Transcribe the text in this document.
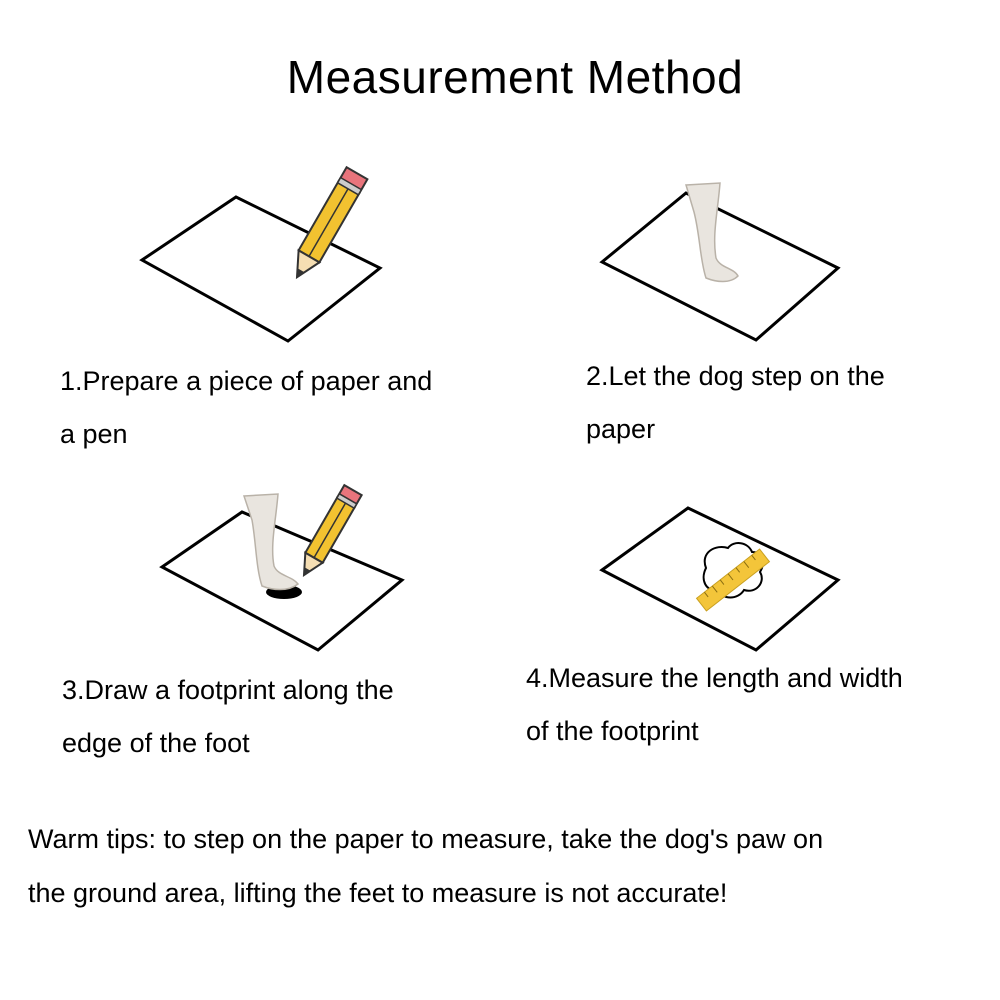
Measurement Method
1.Prepare a piece of paper and
a pen
2.Let the dog step on the
paper
3.Draw a footprint along the
edge of the foot
4.Measure the length and width
of the footprint
Warm tips: to step on the paper to measure, take the dog's paw on
the ground area, lifting the feet to measure is not accurate!
